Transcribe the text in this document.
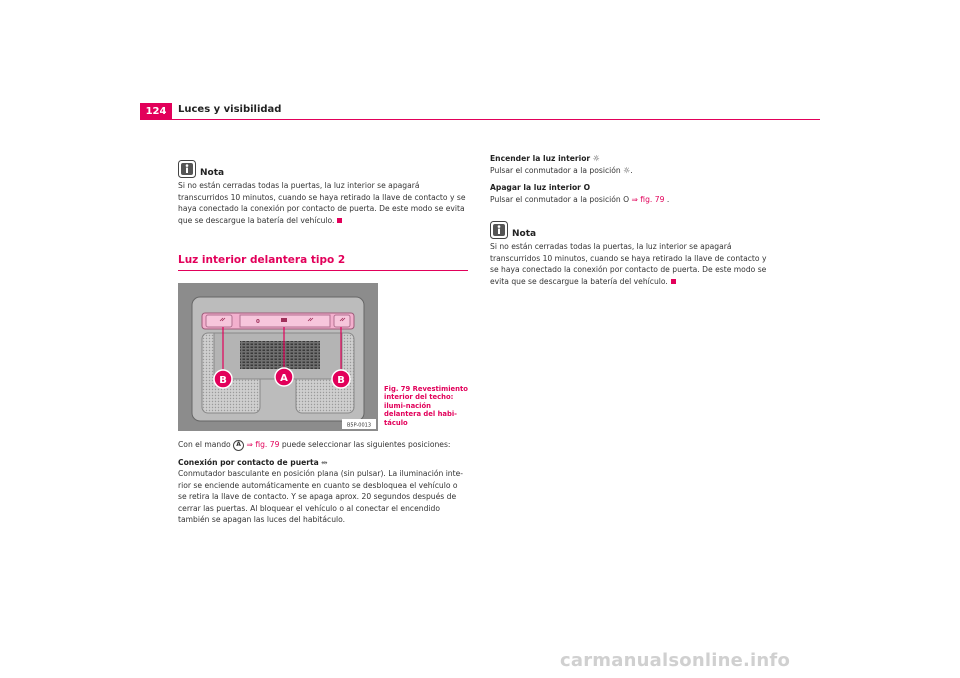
124	Luces y visibilidad
Nota

Si no están cerradas todas la puertas, la luz interior se apagará transcurridos 10 minutos, cuando se haya retirado la llave de contacto y se haya conectado la conexión por contacto de puerta. De este modo se evita que se descargue la batería del vehículo.

Luz interior delantera tipo 2
0
B	A	B
B5P-0013
Fig. 79 Revestimiento interior del techo: ilumi-nación delantera del habi-táculo

Con el mando A ⇒ fig. 79 puede seleccionar las siguientes posiciones:

Conexión por contacto de puerta ⥈

Conmutador basculante en posición plana (sin pulsar). La iluminación inte-rior se enciende automáticamente en cuanto se desbloquea el vehículo o se retira la llave de contacto. Y se apaga aprox. 20 segundos después de cerrar las puertas. Al bloquear el vehículo o al conectar el encendido también se apagan las luces del habitáculo.

Encender la luz interior ☼

Pulsar el conmutador a la posición ☼.

Apagar la luz interior O

Pulsar el conmutador a la posición O ⇒ fig. 79 .

Nota

Si no están cerradas todas la puertas, la luz interior se apagará transcurridos 10 minutos, cuando se haya retirado la llave de contacto y se haya conectado la conexión por contacto de puerta. De este modo se evita que se descargue la batería del vehículo.

carmanualsonline.info
